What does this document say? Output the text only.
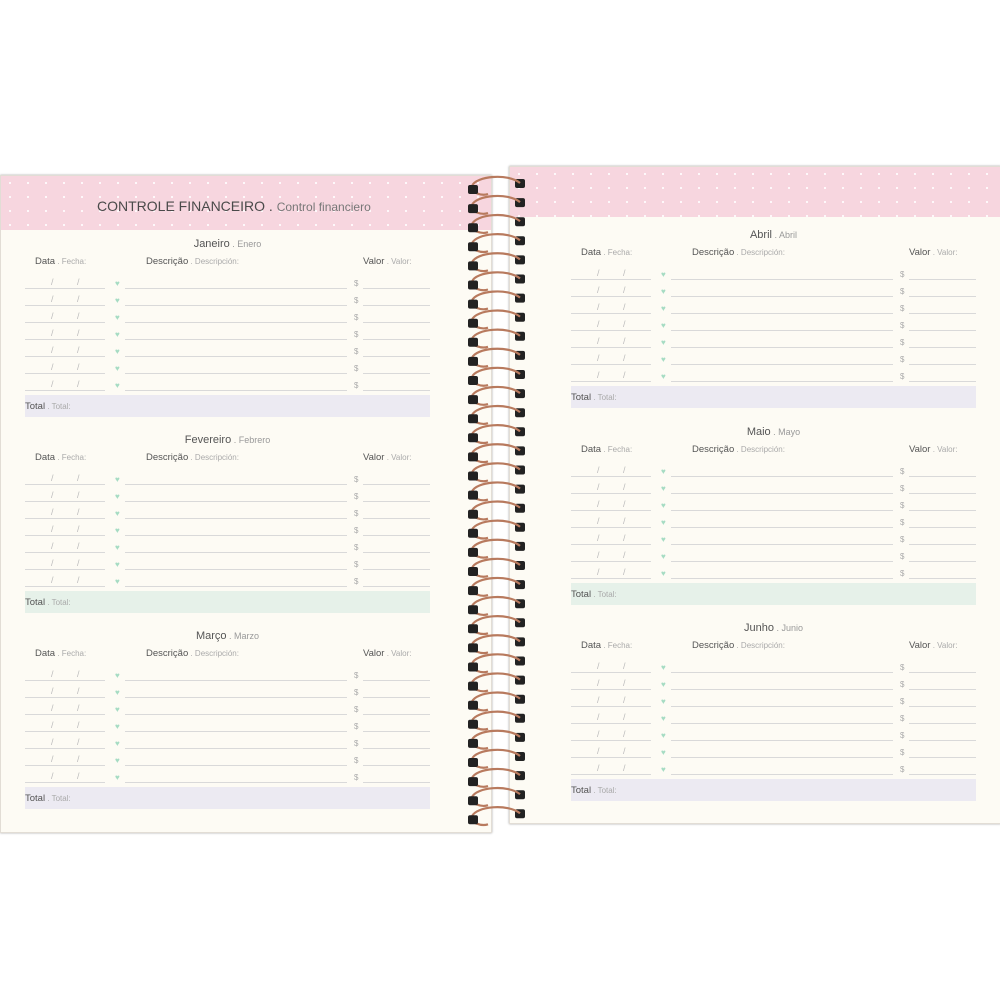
CONTROLE FINANCEIRO . Control financiero
Janeiro . Enero
Data . Fecha:	Descrição . Descripción:	Valor . Valor:
/	/	♥	$
/	/	♥	$
/	/	♥	$
/	/	♥	$
/	/	♥	$
/	/	♥	$
/	/	♥	$
Total . Total:
Fevereiro . Febrero
Data . Fecha:	Descrição . Descripción:	Valor . Valor:
/	/	♥	$
/	/	♥	$
/	/	♥	$
/	/	♥	$
/	/	♥	$
/	/	♥	$
/	/	♥	$
Total . Total:
Março . Marzo
Data . Fecha:	Descrição . Descripción:	Valor . Valor:
/	/	♥	$
/	/	♥	$
/	/	♥	$
/	/	♥	$
/	/	♥	$
/	/	♥	$
/	/	♥	$
Total . Total:
Abril . Abril
Data . Fecha:	Descrição . Descripción:	Valor . Valor:
/	/	♥	$
/	/	♥	$
/	/	♥	$
/	/	♥	$
/	/	♥	$
/	/	♥	$
/	/	♥	$
Total . Total:
Maio . Mayo
Data . Fecha:	Descrição . Descripción:	Valor . Valor:
/	/	♥	$
/	/	♥	$
/	/	♥	$
/	/	♥	$
/	/	♥	$
/	/	♥	$
/	/	♥	$
Total . Total:
Junho . Junio
Data . Fecha:	Descrição . Descripción:	Valor . Valor:
/	/	♥	$
/	/	♥	$
/	/	♥	$
/	/	♥	$
/	/	♥	$
/	/	♥	$
/	/	♥	$
Total . Total:
